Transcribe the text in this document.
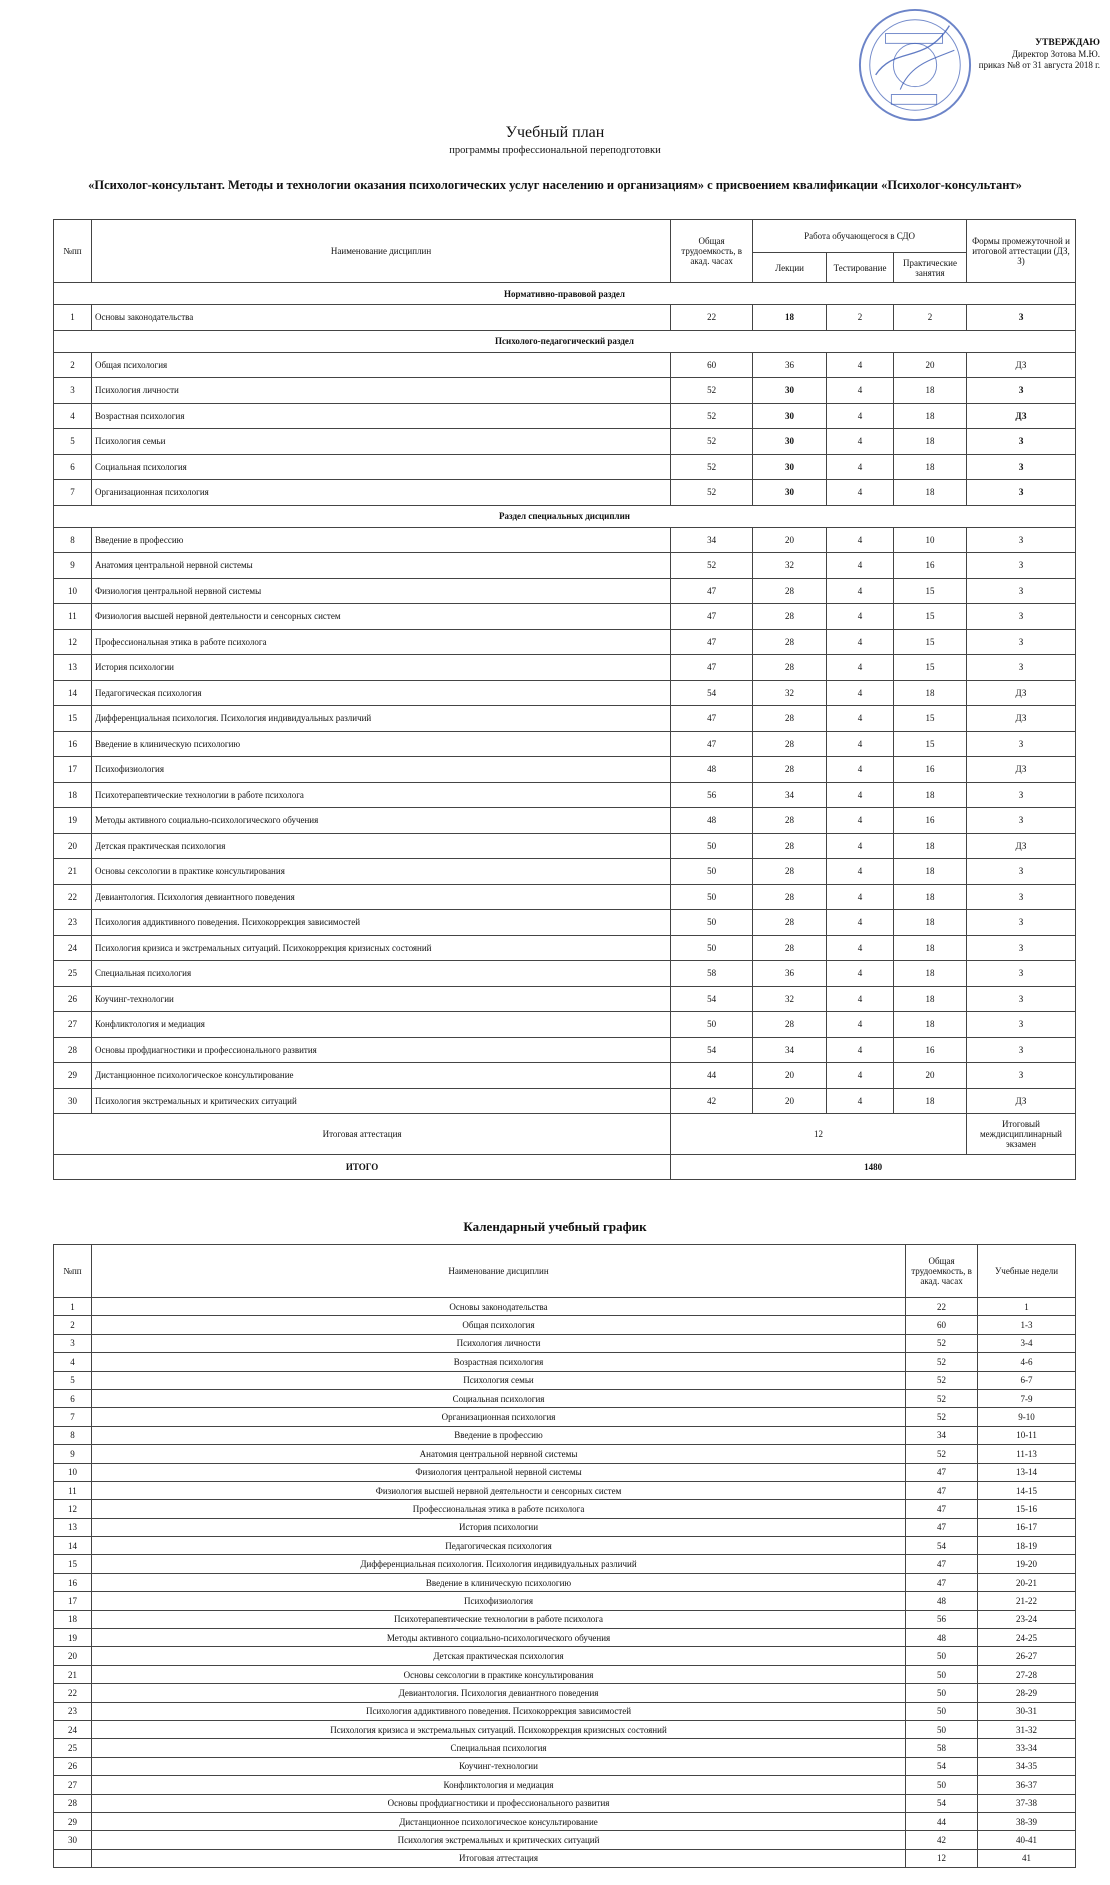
УТВЕРЖДАЮ
Директор Зотова М.Ю.
приказ №8 от 31 августа 2018 г.
Учебный план
программы профессиональной переподготовки
«Психолог-консультант. Методы и технологии оказания психологических услуг населению и организациям» с присвоением квалификации «Психолог-консультант»
№пп	Наименование дисциплин	Общая трудоемкость, в акад. часах	Работа обучающегося в СДО			Формы промежуточной и итоговой аттестации (ДЗ, З)
			Лекции	Тестирование	Практические занятия	
Нормативно-правовой раздел						
1	Основы законодательства	22	18	2	2	З
Психолого-педагогический раздел						
2	Общая психология	60	36	4	20	ДЗ
3	Психология личности	52	30	4	18	З
4	Возрастная психология	52	30	4	18	ДЗ
5	Психология семьи	52	30	4	18	З
6	Социальная психология	52	30	4	18	З
7	Организационная психология	52	30	4	18	З
Раздел специальных дисциплин						
8	Введение в профессию	34	20	4	10	З
9	Анатомия центральной нервной системы	52	32	4	16	З
10	Физиология центральной нервной системы	47	28	4	15	З
11	Физиология высшей нервной деятельности и сенсорных систем	47	28	4	15	З
12	Профессиональная этика в работе психолога	47	28	4	15	З
13	История психологии	47	28	4	15	З
14	Педагогическая психология	54	32	4	18	ДЗ
15	Дифференциальная психология. Психология индивидуальных различий	47	28	4	15	ДЗ
16	Введение в клиническую психологию	47	28	4	15	З
17	Психофизиология	48	28	4	16	ДЗ
18	Психотерапевтические технологии в работе психолога	56	34	4	18	З
19	Методы активного социально-психологического обучения	48	28	4	16	З
20	Детская практическая психология	50	28	4	18	ДЗ
21	Основы сексологии в практике консультирования	50	28	4	18	З
22	Девиантология. Психология девиантного поведения	50	28	4	18	З
23	Психология аддиктивного поведения. Психокоррекция зависимостей	50	28	4	18	З
24	Психология кризиса и экстремальных ситуаций. Психокоррекция кризисных состояний	50	28	4	18	З
25	Специальная психология	58	36	4	18	З
26	Коучинг-технологии	54	32	4	18	З
27	Конфликтология и медиация	50	28	4	18	З
28	Основы профдиагностики и профессионального развития	54	34	4	16	З
29	Дистанционное психологическое консультирование	44	20	4	20	З
30	Психология экстремальных и критических ситуаций	42	20	4	18	ДЗ
Итоговая аттестация		12				Итоговый междисциплинарный экзамен
ИТОГО		1480				
Календарный учебный график
№пп	Наименование дисциплин	Общая трудоемкость, в акад. часах	Учебные недели
1	Основы законодательства	22	1
2	Общая психология	60	1-3
3	Психология личности	52	3-4
4	Возрастная психология	52	4-6
5	Психология семьи	52	6-7
6	Социальная психология	52	7-9
7	Организационная психология	52	9-10
8	Введение в профессию	34	10-11
9	Анатомия центральной нервной системы	52	11-13
10	Физиология центральной нервной системы	47	13-14
11	Физиология высшей нервной деятельности и сенсорных систем	47	14-15
12	Профессиональная этика в работе психолога	47	15-16
13	История психологии	47	16-17
14	Педагогическая психология	54	18-19
15	Дифференциальная психология. Психология индивидуальных различий	47	19-20
16	Введение в клиническую психологию	47	20-21
17	Психофизиология	48	21-22
18	Психотерапевтические технологии в работе психолога	56	23-24
19	Методы активного социально-психологического обучения	48	24-25
20	Детская практическая психология	50	26-27
21	Основы сексологии в практике консультирования	50	27-28
22	Девиантология. Психология девиантного поведения	50	28-29
23	Психология аддиктивного поведения. Психокоррекция зависимостей	50	30-31
24	Психология кризиса и экстремальных ситуаций. Психокоррекция кризисных состояний	50	31-32
25	Специальная психология	58	33-34
26	Коучинг-технологии	54	34-35
27	Конфликтология и медиация	50	36-37
28	Основы профдиагностики и профессионального развития	54	37-38
29	Дистанционное психологическое консультирование	44	38-39
30	Психология экстремальных и критических ситуаций	42	40-41
	Итоговая аттестация	12	41
